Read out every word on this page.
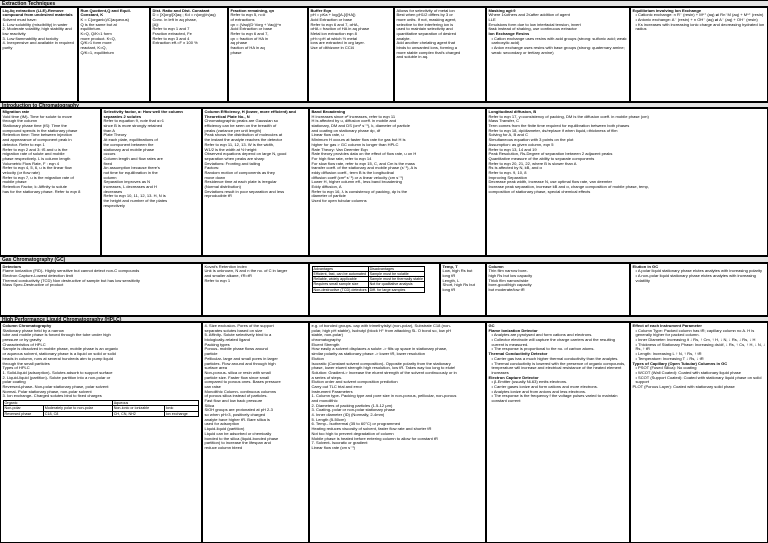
Extraction Techniques
Liq-liq extraction (LLE)-Remove compound from undesired materials
Solvent must have:
1. Low solubility (miscibility) in water
2. Moderate volatility, high stability and low reactivity
3. Low flammability and toxicity
4. Inexpensive and available in required purity
Run Quotient,Q and Equil. Constant, K
K = C(organic)/C(aqueous)
Q is the same but at
equilibrium.
K>Q, Q/K<1 form
more product. K<Q,
Q/K>1 form more
reactant, K=Q,
Q/K=1, equilibrium
Dist. Ratio and Dist. Constant
D = [X]org/[X]aq ; Kd = n(org)/n(aq)
Conc. in left in aq phase,
[A]i
Refer to eqn 1 and 7
Fraction extracted, Fe
Refer to eqn 3 and 4
Extraction eff.=F x 100 %
Fraction remaining, qn
Refer to eqn 5, n=#
of extractions
qn = (Vaq/(D·Vorg + Vaq))^n
Acid Extraction or base
Refer to eqn 6 and 7,
qn = fraction of HA in
aq phase
fraction of HA in aq
phase
Buffer Eqn
pH = pKa + log([A-]/[HA])
Acid Extraction or base
Refer to eqn 6 and 7, αHA,
αHA = fraction of HA in aq phase
Metal ion extraction eqn 8
pH<<pH at which ½ metal
ions are extracted in org layer.
Use of dithizone in CCl4
Allows for selectivity of metal ion
Best when pH1/2 differs by 3 or
more units. If not, masking agent,
selective to the interfering ion is
used to maintain selectivity and
quantitative separation of desired
analyte.
Add another chelating agent that
binds to unwanted ions, forming a
more stable complex that's charged
and soluble in aq.
Masking agt:9
Where 1≤others and 2≤after addition of agent
LLE
Emulsions form due to low interfacial tension, invert
flask instead of shaking, use continuous extractor
Ion Exchange Resins
• Cation exchange uses resins with acid groups (strong: sulfonic acid; weak: carboxylic acid)
• Anion exchange uses resins with base groups (strong: quaternary amine; weak: secondary or tertiary amine)
Equilibrium involving Ion Exchange
• Cationic exchange: n R⁻ (resin) + Mⁿ⁺ (aq) ⇌ Rn⁻M (aq) + Mⁿ⁺ (resin)
• Anionic exchange: A⁻ (resin) + n OH⁻ (aq) ⇌ A⁻ (aq) + OH⁻ (resin)
• Ks increases with increasing ionic charge and decreasing hydrated ion radius
Introduction to Chromatography
Migration rate
Void time (tM)- Time for solute to move
through the column
Stationary phase time (tS): Time the
compound spends in the stationary phase
Retention time: Time between injection
and appearance of component peak in
detector. Refer to eqn 1
Refer to eqn 2 and 3: tS and u is the
migration rate of solute and mobile
phase respectively. L is column length
Volumetric Flow Rate, F : eqn 4
Refer to eqn 4, 5, 6, u is the linear flow
velocity (or flow rate)
Refer to eqn 7, u is the migration rate of
mobile phase
Retention Factor, k: Affinity to solute
has for the stationary phase. Refer to eqn 8
Selectivity factor, α: How well the column separates 2 solutes
Refer to equation 9, note that α>1
since B is more strongly retained
than A
Plate Theory
At each plate, equilibrations of
the component between the
stationary and mobile phase
occurs
Column length and flow rates are
fixed
An assumption because there's
not time for equilibration in the
column
Separation improves as N
increases, L decreases and H
decreases
Refer to eqn 10, 11, 12, 13. H, N is
the height and number of the plates
respectively
Column Efficiency, H (lower, more efficient) and Theoretical Plate No., N
Chromatographic peaks are Gaussian so
efficiency can be seen on the breadth of
peaks (variance per unit length)
Peak shows the distribution of molecules at
the instant the analyte reaches the detector
Refer to eqn 11, 12, 13. W is the width,
W1/2 is the width at ½ height
Observed equations depend on large N, good
separation when peaks are sharp
Deviations: Fronting and tailing
Factors:
Random motion of components as they
move down
Residence time at each plate is irregular
(Normal distribution)
Deviations result in poor separation and less
reproducible tR
Band Broadening
H increases since σ² increases, refer to eqn 11
H is affected by u, diffusion coeff. in mobile and
stationary, DM and DS (cm² s⁻¹), k, diameter of particle
and coating on stationary phase dp, df
Linear flow rate, u
Minimum H occurs at faster flow rate for gas but H is
higher for gas > GC column is longer than HPLC
Rate Theory: Van Deemter Eqn
Rate theory provides data on the effect of flow rate, u on H
For high flow rate, refer to eqn 14
For slow flow rate, refer to eqn 15, C, and Cm is the mass
transfer coeff. of the stationary and mobile phase (s⁻¹), A is
eddy diffusion coeff., term B is the longitudinal
diffusion coeff (cm² s⁻¹) or a linear velocity (cm s⁻¹)
Lower H, higher column eff., less band broadening
Eddy diffusion, A
Refer to eqn 16, λ is consistency of packing, dp is the
diameter of particle
Used for open tubular columns
Longitudinal diffusion, B
Refer to eqn 17, γ=consistency of packing, DM is the diffusion coeff. in mobile phase (cm)
Mass Transfer, C
Term comes from the finite time required for equilibration between both phases
Refer to eqn 18, dp/diameter, ds/replace if when liquid,=thickness of film
Solving for A, B and C
Simultaneous equation with 3 points on the plot
Assumption: as given column, eqn 5
Refer to eqn 13, 14 and 19
Peak Resolution, Rs-Degree of separation between 2 adjacent peaks
Quantitative measure of the ability to separate components
Refer to eqn 20, 21, 22, where B is slower than A
Rs is affected by N, kB, and α
Refer to eqn. 9, 10, 8
Improving Separation
Decrease peak width, increase N, use optimal flow rate, van deemter
Increase peak separation, increase kB and α, change composition of mobile phase, temp,
composition of stationary phase, special chemical effects
Gas Chromatography (GC)
Detectors
Flame ionization (FID)- Highly sensitive but cannot detect non-C compounds
Electron Capture-Lowest detection limit
Thermal conductivity (TCD) Non destructive of sample but has low sensitivity
Mass Spec-Destructive of product
Kovat's Retention index
Unk is unknown, N and n the no. of C in larger
and smaller alkane, t'R=tR
Refer to eqn 1
Advantages	Disadvantages
Efficient, fast, can be automated	Sample must be volatile
Reliable, widely applicable	Sample must be thermally stable
Requires small sample size	Not for qualitative analysis
Non-destructive (TCD) detectors	Diff. for large samples
Temp, T
Low, high Rs but
long tR
Length, L
Short, high Rs but
long tR
Column
Thin film narrow bore-
high Rs but low capacity
Thick film narrow/wide
bore-good/high capacity
but moderate/low tR
Elution in GC
• A polar liquid stationary phase elutes analytes with increasing polarity
• A non-polar liquid stationary phase elutes analytes with increasing volatility
High Performance Liquid Chromatography (HPLC)
Column Chromatography
Stationary phase held by a narrow
tube and mobile phase is forced through the tube under high
pressure or by gravity
Characteristics of HPLC
Sample is dissolved in mobile phase, mobile phase is an organic
or aqueous solvent, stationary phase is a liquid on solid or solid
beads in column, runs at several hundreds atm to pump liquid
through the small particles
Types of HPLC
1. Solid-liquid (adsorption)- Solutes adsorb to support surface
2. Liquid-liquid (partition)- Solute partition into a non-polar or
polar coating
Reversed-phase- Non-polar stationary phase, polar solvent
Normal- Polar stationary phase, non-polar solvent
3. Ion exchange- Charged solutes bind to fixed charges
Organic		Aqueous	
Non-polar	Moderately polar to non-polar	Non-ionic or ionizable	Ionic
Reversed phase	C18, C8	CH, CN, NH2	Ion exchange
4. Size exclusion- Pores of the support
separates solutes based on size
5. Affinity- Solute selectively bind to a
biologically-related ligand
Packing types
Porous- mobile phase flows around
particle
Pellicular- large and small pores in larger
particles. Flow around and through high
surface area
Non-porous- silica or resin with small
particle size. Faster flow since small
compared to porous ones. Bases pressure
can raise
Monolithic Column- continuous columns
of porous silica instead of particles.
Fast flow and low back pressure
Silica
SiOH groups are protonated at pH 2-3
so when pH>3, positively charged
analyte have higher tR. Bare silica is
used for adsorption
Liquid-liquid (partition)
Liquid can be adsorbed or chemically
bonded to the silica (liquid-bonded phase
partition) to increase the lifespan and
reduce column bleed
e.g. of bonded groups- cap with trimethylsilyl (non-polar), Substrate C18 (non-
polar, high pH stable), Isobutyl (block H⁺ from attacking Si- O bond so, low pH
stable, non-polar)
chromatography
Eluent Strength
How easily a solvent displaces a solute -> fills up space in stationary phase,
similar polarity as stationary phase -> lower tR, lower resolution
Elution
Isocratic (Constant solvent composition)- Opposite polarity from the stationary
phase, lower eluent strength high resolution, low tR. Takes way too long to elute!
Solution: Gradient-> Increase the eluent strength of the solvent continuously or in
a series of steps.
Elution order and solvent composition prediction
Carry out TLC trial and error
Instrument Parameters
1. Column type- Packing type and pore size in non-porous, pellicular, non-porous
and monolithic
2. Diameters of packing particles (1.5-12 μm)
3. Coating- polar or non-polar stationary phase
4. Inner diameter (ID) (Normally, 2-4mm)
5. Length (5-50cm)
6. Temp.- Isothermal (35 to 60°C) or programmed
Heating reduces viscosity of solvent, faster flow rate and shorter tR
Not too high to prevent degradation of column
Mobile phase is heated before entering column to allow for constant tR
7. Solvent- Isocratic or gradient
Linear flow rate (cm s⁻¹)
GC
Flame Ionization Detector
• Analytes are pyrolysed and form cations and electrons.
• Collector electrode will capture the charge carriers and the resulting current is measured.
• The response is proportional to the no. of carbon atoms.
Thermal Conductivity Detector
• Carrier gas has a much higher thermal conductivity than the analytes.
• Thermal conductivity is lowered with the presence of organic compounds, temperature will increase and electrical resistance of the heated element increases
Electron Capture Detector
• β-Emitter (usually Ni-63) emits electrons.
• Carrier gases ionize and form cations and more electrons.
• Analytes ionize and from anions and less electrons.
• The response is the frequency f the voltage pulses varied to maintain constant current
Effect of each Instrument Parameter
• Column Type: Packed column has tR; capillary column no A. H is generally higher for packed column.
• Inner Diameter: Increasing it ↓ Rs, ↑ Cm, ↑ H, ↓ N, ↓ Rs, ↓ Rs, ↓ H
• Thickness of Stationary Phase: Increasing ds/df, ↓ Rs, ↑ Cs, ↑ H, ↓ N, ↓ Rs, ↑ tR
• Length: Increasing L ↑ N, ↑ Rs, ↑ tR
• Temperature: Increasing T ↓ Rs, ↓ tR
Types of Capillary (Open Tubular) Columns in GC
• PSOT (Fused Silica): No coating
• WCOT (Wall Coated): Coated with stationary liquid phase
• SCOT (Support Coated): Coated with stationary liquid phase on solid support
PLOT (Porous Layer): Coated with stationary solid phase
